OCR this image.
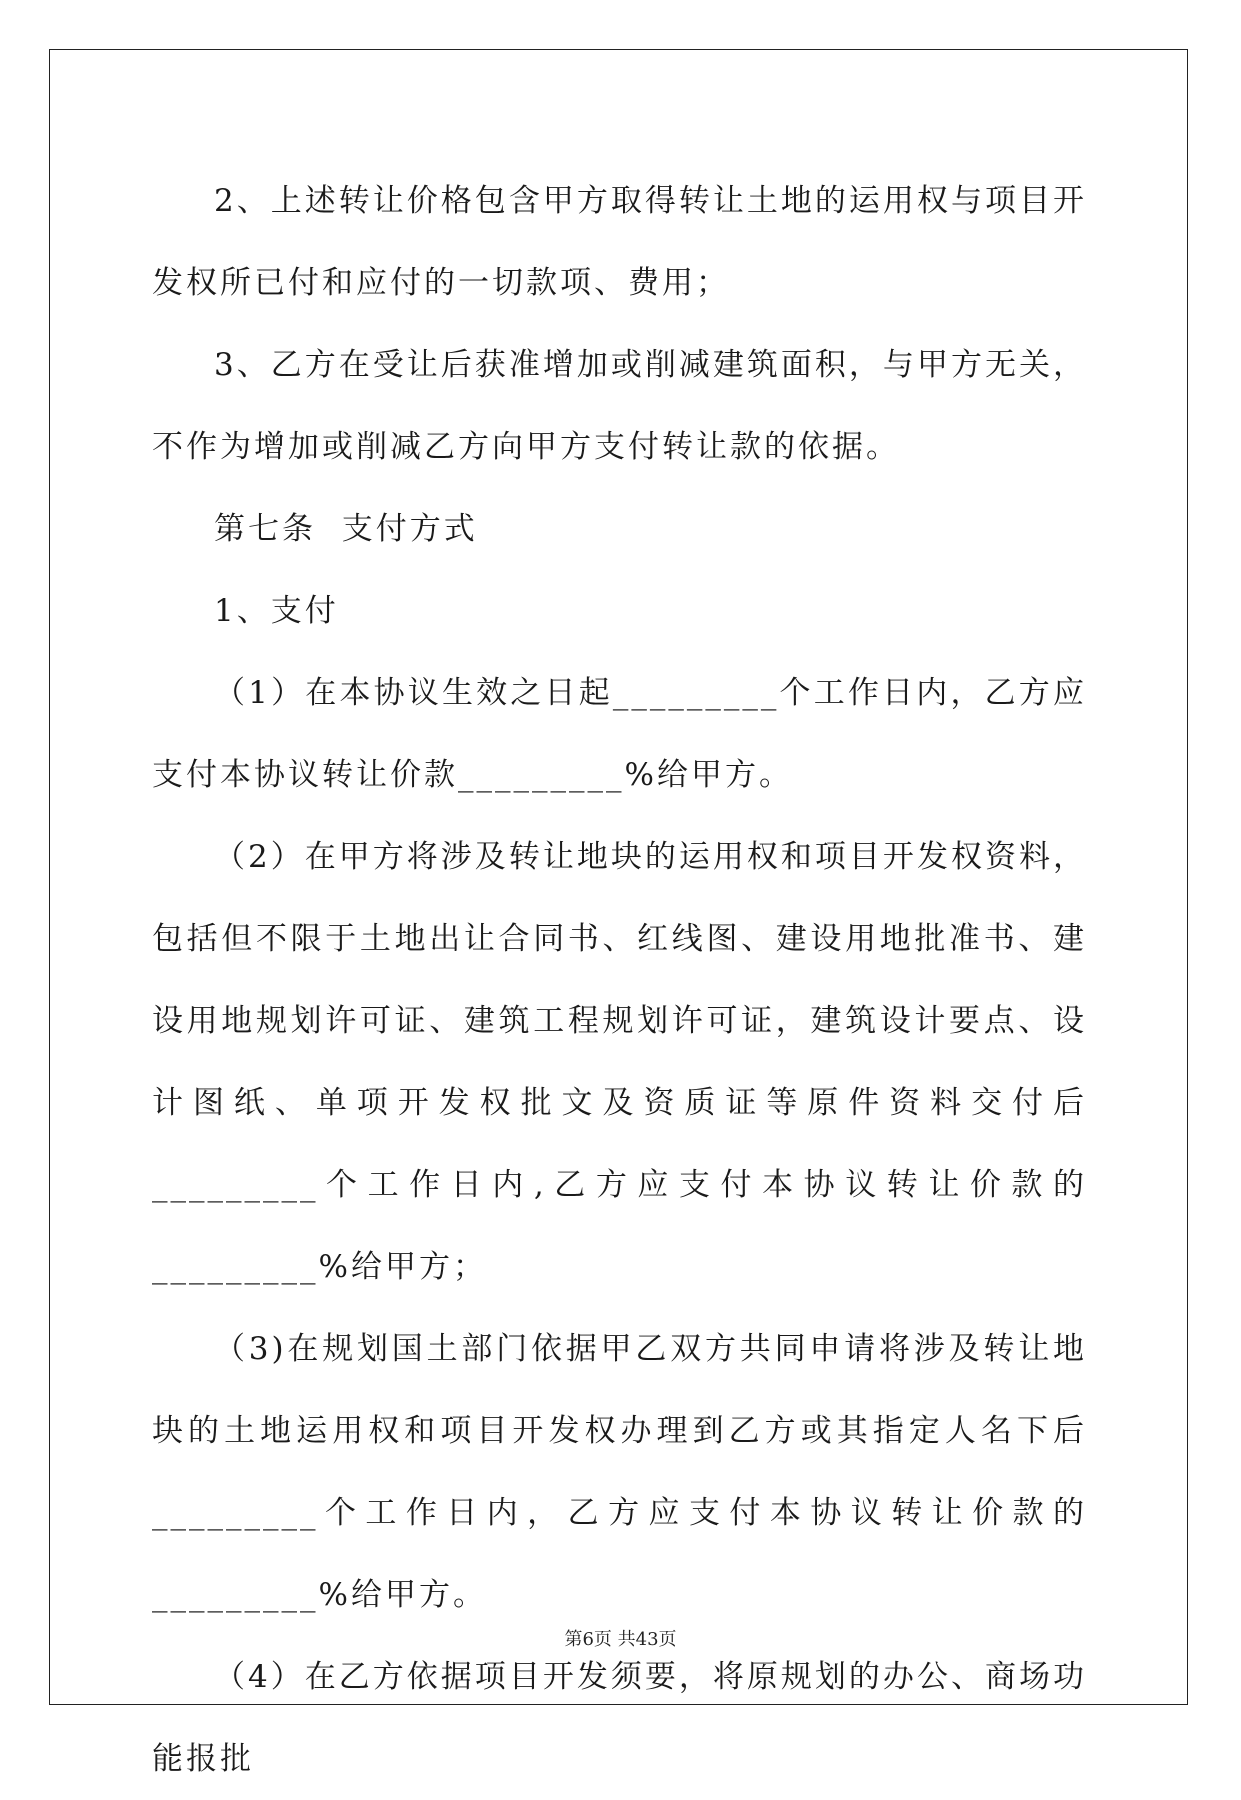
2、上述转让价格包含甲方取得转让土地的运用权与项目开发权所已付和应付的一切款项、费用；

3、乙方在受让后获准增加或削减建筑面积，与甲方无关，不作为增加或削减乙方向甲方支付转让款的依据。

第七条  支付方式

1、支付

（1）在本协议生效之日起_________个工作日内，乙方应支付本协议转让价款_________%给甲方。

（2）在甲方将涉及转让地块的运用权和项目开发权资料，包括但不限于土地出让合同书、红线图、建设用地批准书、建设用地规划许可证、建筑工程规划许可证，建筑设计要点、设计图纸、单项开发权批文及资质证等原件资料交付后_________个工作日内,乙方应支付本协议转让价款的_________%给甲方；

（3)在规划国土部门依据甲乙双方共同申请将涉及转让地块的土地运用权和项目开发权办理到乙方或其指定人名下后_________个工作日内，乙方应支付本协议转让价款的_________%给甲方。

（4）在乙方依据项目开发须要，将原规划的办公、商场功能报批

第6页 共43页
